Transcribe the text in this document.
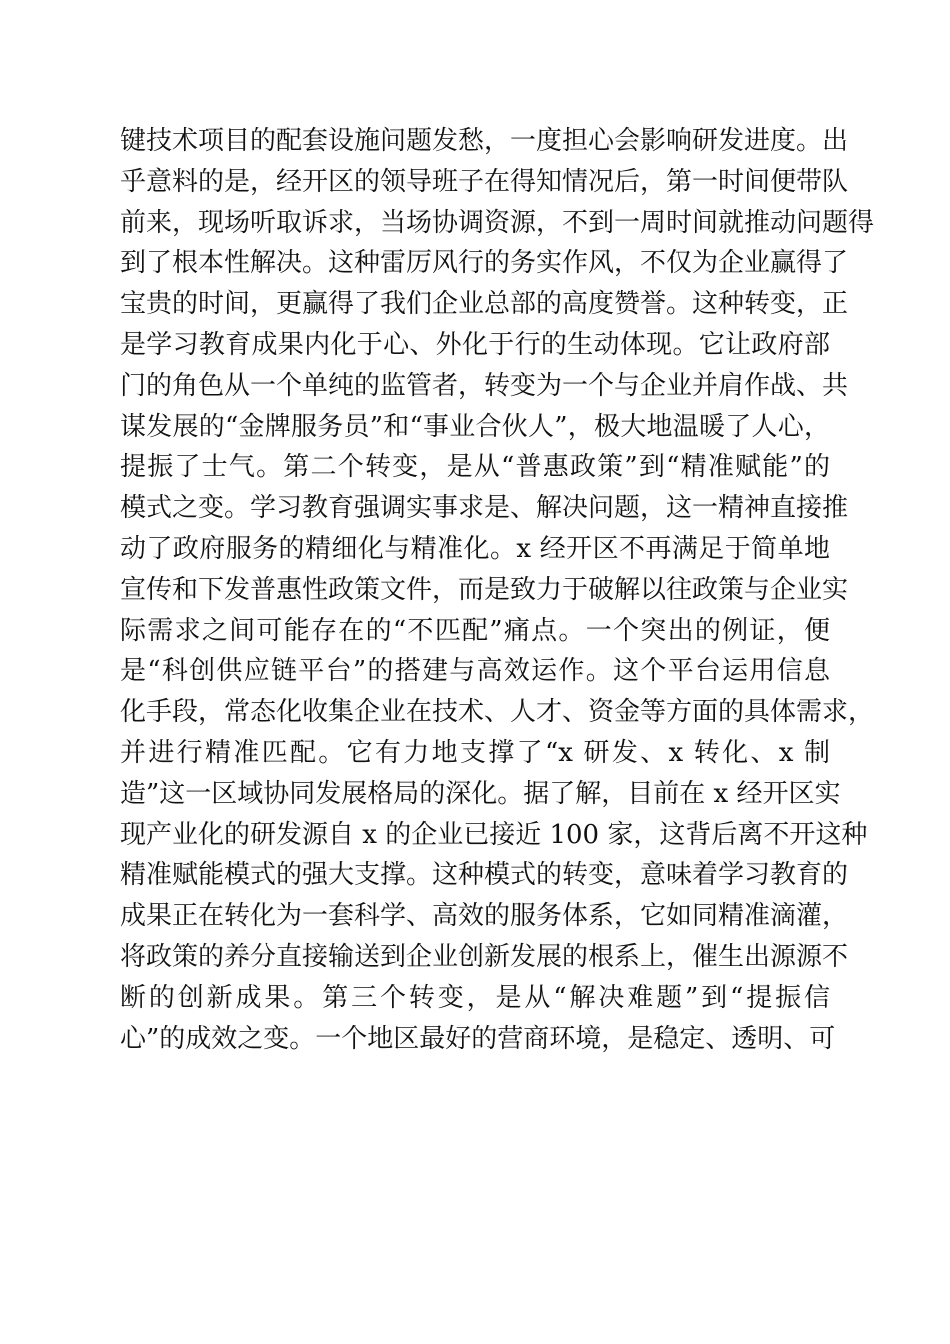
键技术项目的配套设施问题发愁，一度担心会影响研发进度。出
乎意料的是，经开区的领导班子在得知情况后，第一时间便带队
前来，现场听取诉求，当场协调资源，不到一周时间就推动问题得
到了根本性解决。这种雷厉风行的务实作风，不仅为企业赢得了
宝贵的时间，更赢得了我们企业总部的高度赞誉。这种转变，正
是学习教育成果内化于心、外化于行的生动体现。它让政府部
门的角色从一个单纯的监管者，转变为一个与企业并肩作战、共
谋发展的“金牌服务员”和“事业合伙人”，极大地温暖了人心，
提振了士气。第二个转变，是从“普惠政策”到“精准赋能”的
模式之变。学习教育强调实事求是、解决问题，这一精神直接推
动了政府服务的精细化与精准化。x 经开区不再满足于简单地
宣传和下发普惠性政策文件，而是致力于破解以往政策与企业实
际需求之间可能存在的“不匹配”痛点。一个突出的例证，便
是“科创供应链平台”的搭建与高效运作。这个平台运用信息
化手段，常态化收集企业在技术、人才、资金等方面的具体需求，
并进行精准匹配。它有力地支撑了“x 研发、x 转化、x 制
造”这一区域协同发展格局的深化。据了解，目前在 x 经开区实
现产业化的研发源自 x 的企业已接近 100 家，这背后离不开这种
精准赋能模式的强大支撑。这种模式的转变，意味着学习教育的
成果正在转化为一套科学、高效的服务体系，它如同精准滴灌，
将政策的养分直接输送到企业创新发展的根系上，催生出源源不
断的创新成果。第三个转变，是从“解决难题”到“提振信
心”的成效之变。一个地区最好的营商环境，是稳定、透明、可
